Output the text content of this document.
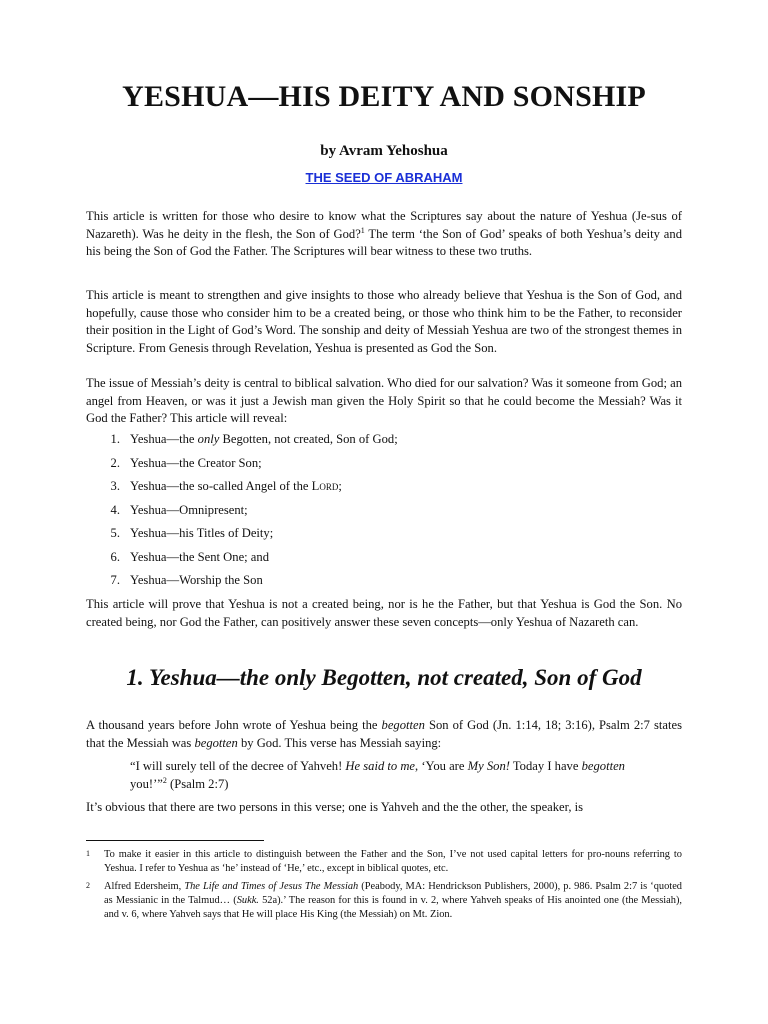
YESHUA—HIS DEITY AND SONSHIP
by Avram Yehoshua
THE SEED OF ABRAHAM

This article is written for those who desire to know what the Scriptures say about the nature of Yeshua (Je-sus of Nazareth). Was he deity in the flesh, the Son of God?$^1$ The term ‘the Son of God’ speaks of both Yeshua’s deity and his being the Son of God the Father. The Scriptures will bear witness to these two truths.

This article is meant to strengthen and give insights to those who already believe that Yeshua is the Son of God, and hopefully, cause those who consider him to be a created being, or those who think him to be the Father, to reconsider their position in the Light of God’s Word. The sonship and deity of Messiah Yeshua are two of the strongest themes in Scripture. From Genesis through Revelation, Yeshua is presented as God the Son.

The issue of Messiah’s deity is central to biblical salvation. Who died for our salvation? Was it someone from God; an angel from Heaven, or was it just a Jewish man given the Holy Spirit so that he could become the Messiah? Was it God the Father? This article will reveal:

1. Yeshua—the only Begotten, not created, Son of God;
2. Yeshua—the Creator Son;
3. Yeshua—the so-called Angel of the Lord;
4. Yeshua—Omnipresent;
5. Yeshua—his Titles of Deity;
6. Yeshua—the Sent One; and
7. Yeshua—Worship the Son

This article will prove that Yeshua is not a created being, nor is he the Father, but that Yeshua is God the Son. No created being, nor God the Father, can positively answer these seven concepts—only Yeshua of Nazareth can.

1. Yeshua—the only Begotten, not created, Son of God

A thousand years before John wrote of Yeshua being the begotten Son of God (Jn. 1:14, 18; 3:16), Psalm 2:7 states that the Messiah was begotten by God. This verse has Messiah saying:

“I will surely tell of the decree of Yahveh! He said to me, ‘You are My Son! Today I have begotten you!’”$^2$ (Psalm 2:7)

It’s obvious that there are two persons in this verse; one is Yahveh and the the other, the speaker, is

1	To make it easier in this article to distinguish between the Father and the Son, I’ve not used capital letters for pro-nouns referring to Yeshua. I refer to Yeshua as ‘he’ instead of ‘He,’ etc., except in biblical quotes, etc.
2	Alfred Edersheim, The Life and Times of Jesus The Messiah (Peabody, MA: Hendrickson Publishers, 2000), p. 986. Psalm 2:7 is ‘quoted as Messianic in the Talmud… (Sukk. 52a).’ The reason for this is found in v. 2, where Yahveh speaks of His anointed one (the Messiah), and v. 6, where Yahveh says that He will place His King (the Messiah) on Mt. Zion.
